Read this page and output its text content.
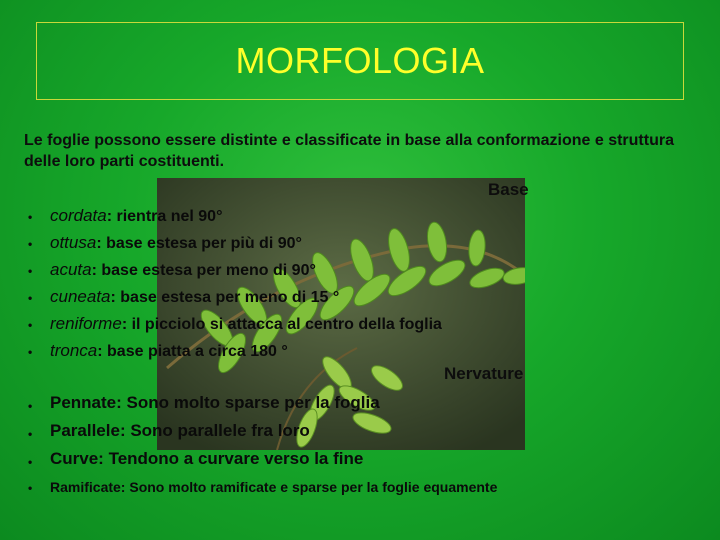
MORFOLOGIA
Le foglie possono essere distinte e classificate in base alla conformazione e struttura delle loro parti costituenti.
Base
• cordata: rientra nel 90°
• ottusa: base estesa per più di 90°
• acuta: base estesa per meno di 90°
• cuneata: base estesa per meno di 15 °
• reniforme: il picciolo si attacca al centro della foglia
• tronca: base piatta a circa 180 °
Nervature
• Pennate: Sono molto sparse per la foglia
• Parallele: Sono parallele fra loro
• Curve: Tendono a curvare verso la fine
• Ramificate: Sono molto ramificate e sparse per la foglie equamente
